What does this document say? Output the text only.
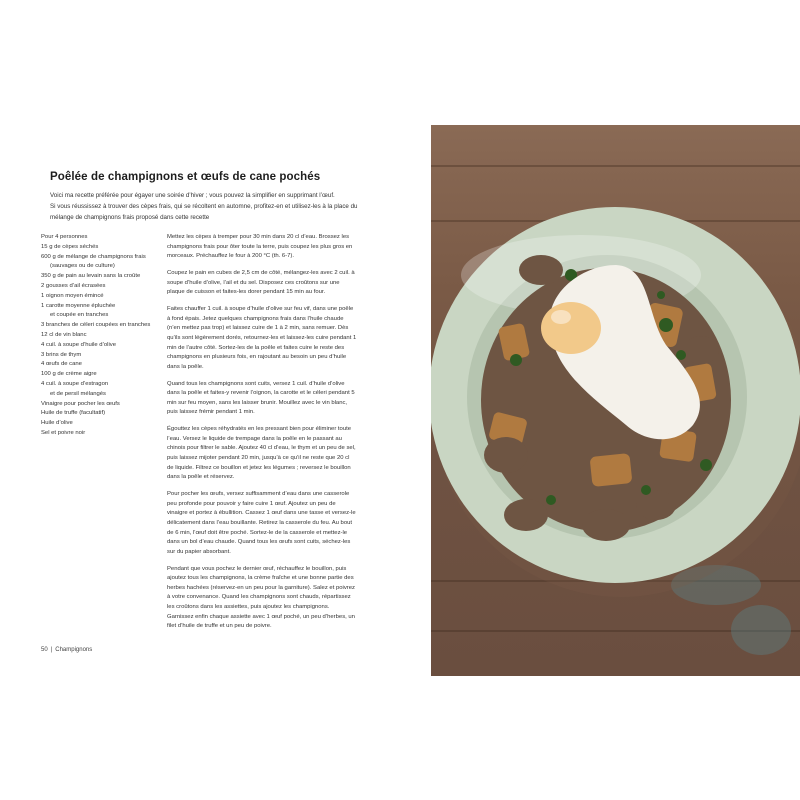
Poêlée de champignons et œufs de cane pochés

Voici ma recette préférée pour égayer une soirée d’hiver ; vous pouvez la simplifier en supprimant l’œuf.

Si vous réussissez à trouver des cèpes frais, qui se récoltent en automne, profitez-en et utilisez-les à la place du mélange de champignons frais proposé dans cette recette

Pour 4 personnes
15 g de cèpes séchés
600 g de mélange de champignons frais
(sauvages ou de culture)
350 g de pain au levain sans la croûte
2 gousses d’ail écrasées
1 oignon moyen émincé
1 carotte moyenne épluchée
et coupée en tranches
3 branches de céleri coupées en tranches
12 cl de vin blanc
4 cuil. à soupe d’huile d’olive
3 brins de thym
4 œufs de cane
100 g de crème aigre
4 cuil. à soupe d’estragon
et de persil mélangés
Vinaigre pour pocher les œufs
Huile de truffe (facultatif)
Huile d’olive
Sel et poivre noir

Mettez les cèpes à tremper pour 30 min dans 20 cl d’eau. Brossez les champignons frais pour ôter toute la terre, puis coupez les plus gros en morceaux. Préchauffez le four à 200 °C (th. 6-7).

Coupez le pain en cubes de 2,5 cm de côté, mélangez-les avec 2 cuil. à soupe d’huile d’olive, l’ail et du sel. Disposez ces croûtons sur une plaque de cuisson et faites-les dorer pendant 15 min au four.

Faites chauffer 1 cuil. à soupe d’huile d’olive sur feu vif, dans une poêle à fond épais. Jetez quelques champignons frais dans l’huile chaude (n’en mettez pas trop) et laissez cuire de 1 à 2 min, sans remuer. Dès qu’ils sont légèrement dorés, retournez-les et laissez-les cuire pendant 1 min de l’autre côté. Sortez-les de la poêle et faites cuire le reste des champignons en plusieurs fois, en rajoutant au besoin un peu d’huile dans la poêle.

Quand tous les champignons sont cuits, versez 1 cuil. d’huile d’olive dans la poêle et faites-y revenir l’oignon, la carotte et le céleri pendant 5 min sur feu moyen, sans les laisser brunir. Mouillez avec le vin blanc, puis laissez frémir pendant 1 min.

Égouttez les cèpes réhydratés en les pressant bien pour éliminer toute l’eau. Versez le liquide de trempage dans la poêle en le passant au chinois pour filtrer le sable. Ajoutez 40 cl d’eau, le thym et un peu de sel, puis laissez mijoter pendant 20 min, jusqu’à ce qu’il ne reste que 20 cl de liquide. Filtrez ce bouillon et jetez les légumes ; reversez le bouillon dans la poêle et réservez.

Pour pocher les œufs, versez suffisamment d’eau dans une casserole peu profonde pour pouvoir y faire cuire 1 œuf. Ajoutez un peu de vinaigre et portez à ébullition. Cassez 1 œuf dans une tasse et versez-le délicatement dans l’eau bouillante. Retirez la casserole du feu. Au bout de 6 min, l’œuf doit être poché. Sortez-le de la casserole et mettez-le dans un bol d’eau chaude. Quand tous les œufs sont cuits, séchez-les sur du papier absorbant.

Pendant que vous pochez le dernier œuf, réchauffez le bouillon, puis ajoutez tous les champignons, la crème fraîche et une bonne partie des herbes hachées (réservez-en un peu pour la garniture). Salez et poivrez à votre convenance. Quand les champignons sont chauds, répartissez les croûtons dans les assiettes, puis ajoutez les champignons. Garnissez enfin chaque assiette avec 1 œuf poché, un peu d’herbes, un filet d’huile de truffe et un peu de poivre.

50 | Champignons
